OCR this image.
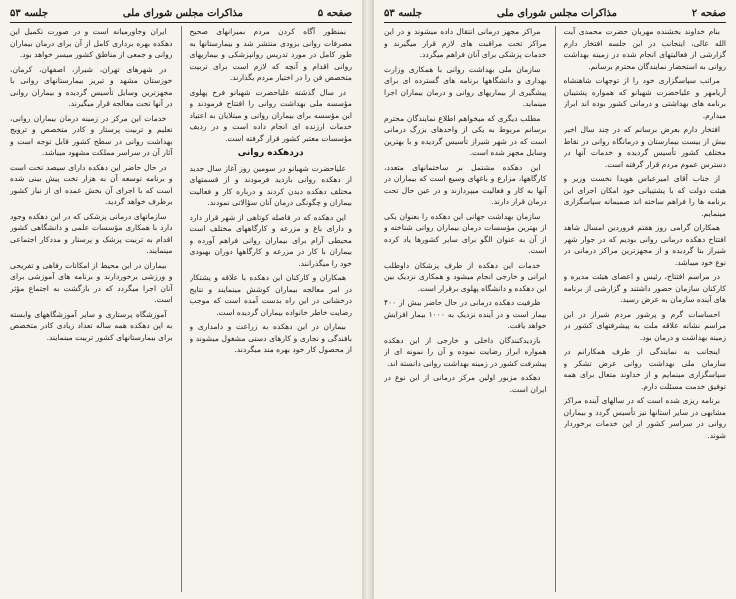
صفحه ۵
مذاکرات مجلس شورای ملی
جلسه ۵۳

بمنظور آگاه کردن مردم بمیزانهای صحیح مصرفات روانی بزودی منتشر شد و بیمارستانها به طور کامل در مورد تدریس روانپزشکی و بیماریهای روانی اقدام و آنچه که لازم است برای تربیت متخصص فن را در اختیار مردم بگذارند.

در سال گذشته علیاحضرت شهبانو فرح پهلوی مؤسسه ملی بهداشت روانی را افتتاح فرمودند و این مؤسسه برای بیماران روانی و مبتلایان به اعتیاد خدمات ارزنده ای انجام داده است و در ردیف مؤسسات معتبر کشور قرار گرفته است.

دردهکده روانی

علیاحضرت شهبانو در سومین روز آغاز سال جدید از دهکده روانی بازدید فرمودند و از قسمتهای مختلف دهکده دیدن کردند و درباره کار و فعالیت بیماران و چگونگی درمان آنان سؤالاتی نمودند.

این دهکده که در فاصله کوتاهی از شهر قرار دارد و دارای باغ و مزرعه و کارگاههای مختلف است محیطی آرام برای بیماران روانی فراهم آورده و بیماران با کار در مزرعه و کارگاهها دوران بهبودی خود را میگذرانند.

همکاران و کارکنان این دهکده با علاقه و پشتکار در امر معالجه بیماران کوشش مینمایند و نتایج درخشانی در این راه بدست آمده است که موجب رضایت خاطر خانواده بیماران گردیده است.

بیماران در این دهکده به زراعت و دامداری و بافندگی و نجاری و کارهای دستی مشغول میشوند و از محصول کار خود بهره مند میگردند.

ایران وخاورمیانه است و در صورت تکمیل این دهکده بهره برداری کامل از آن برای درمان بیماران روانی و جمعی از مناطق کشور میسر خواهد بود.

در شهرهای تهران، شیراز، اصفهان، کرمان، خوزستان مشهد و تبریز بیمارستانهای روانی با مجهزترین وسایل تأسیس گردیده و بیماران روانی در آنها تحت معالجه قرار میگیرند.

خدمات این مرکز در زمینه درمان بیماران روانی، تعلیم و تربیت پرستار و کادر متخصص و ترویج بهداشت روانی در سطح کشور قابل توجه است و آثار آن در سراسر مملکت مشهود میباشد.

در حال حاضر این دهکده دارای سیصد تخت است و برنامه توسعه آن به هزار تخت پیش بینی شده است که با اجرای آن بخش عمده ای از نیاز کشور برطرف خواهد گردید.

سازمانهای درمانی پزشکی که در این دهکده وجود دارد با همکاری مؤسسات علمی و دانشگاهی کشور اقدام به تربیت پزشک و پرستار و مددکار اجتماعی مینمایند.

بیماران در این محیط از امکانات رفاهی و تفریحی و ورزشی برخوردارند و برنامه های آموزشی برای آنان اجرا میگردد که در بازگشت به اجتماع مؤثر است.

آموزشگاه پرستاری و سایر آموزشگاههای وابسته به این دهکده همه ساله تعداد زیادی کادر متخصص برای بیمارستانهای کشور تربیت مینمایند.

صفحه ۲
مذاکرات مجلس شورای ملی
جلسه ۵۳

بنام خداوند بخشنده مهربان حضرت محمدی آیت الله عالی، اینجانب در این جلسه افتخار دارم گزارشی از فعالیتهای انجام شده در زمینه بهداشت روانی به استحضار نمایندگان محترم برسانم.

مراتب سپاسگزاری خود را از توجهات شاهنشاه آریامهر و علیاحضرت شهبانو که همواره پشتیبان برنامه های بهداشتی و درمانی کشور بوده اند ابراز میدارم.

افتخار دارم بعرض برسانم که در چند سال اخیر بیش از بیست بیمارستان و درمانگاه روانی در نقاط مختلف کشور تأسیس گردیده و خدمات آنها در دسترس عموم مردم قرار گرفته است.

از جناب آقای امیرعباس هویدا نخست وزیر و هیئت دولت که با پشتیبانی خود امکان اجرای این برنامه ها را فراهم ساخته اند صمیمانه سپاسگزاری مینمایم.

همکاران گرامی روز هفتم فروردین امسال شاهد افتتاح دهکده درمانی روانی بودیم که در جوار شهر شیراز بنا گردیده و از مجهزترین مراکز درمانی در نوع خود میباشد.

در مراسم افتتاح، رئیس و اعضای هیئت مدیره و کارکنان سازمان حضور داشتند و گزارشی از برنامه های آینده سازمان به عرض رسید.

احساسات گرم و پرشور مردم شیراز در این مراسم نشانه علاقه ملت به پیشرفتهای کشور در زمینه بهداشت و درمان بود.

اینجانب به نمایندگی از طرف همکارانم در سازمان ملی بهداشت روانی عرض تشکر و سپاسگزاری مینمایم و از خداوند متعال برای همه توفیق خدمت مسئلت دارم.

برنامه ریزی شده است که در سالهای آینده مراکز مشابهی در سایر استانها نیز تأسیس گردد و بیماران روانی در سراسر کشور از این خدمات برخوردار شوند.

مراکز مجهز درمانی انتقال داده میشوند و در این مراکز تحت مراقبت های لازم قرار میگیرند و خدمات پزشکی برای آنان فراهم میگردد.

سازمان ملی بهداشت روانی با همکاری وزارت بهداری و دانشگاهها برنامه های گسترده ای برای پیشگیری از بیماریهای روانی و درمان بیماران اجرا مینماید.

مطلب دیگری که میخواهم اطلاع نمایندگان محترم برسانم مربوط به یکی از واحدهای بزرگ درمانی است که در شهر شیراز تأسیس گردیده و با بهترین وسایل مجهز شده است.

این دهکده مشتمل بر ساختمانهای متعدد، کارگاهها، مزارع و باغهای وسیع است که بیماران در آنها به کار و فعالیت میپردازند و در عین حال تحت درمان قرار دارند.

سازمان بهداشت جهانی این دهکده را بعنوان یکی از بهترین مؤسسات درمان بیماران روانی شناخته و از آن به عنوان الگو برای سایر کشورها یاد کرده است.

خدمات این دهکده از طرف پزشکان داوطلب ایرانی و خارجی انجام میشود و همکاری نزدیک بین این دهکده و دانشگاه پهلوی برقرار است.

ظرفیت دهکده درمانی در حال حاضر بیش از ۴۰۰ بیمار است و در آینده نزدیک به ۱۰۰۰ بیمار افزایش خواهد یافت.

بازدیدکنندگان داخلی و خارجی از این دهکده همواره ابراز رضایت نموده و آن را نمونه ای از پیشرفت کشور در زمینه بهداشت روانی دانسته اند.

دهکده مزبور اولین مرکز درمانی از این نوع در ایران است.
